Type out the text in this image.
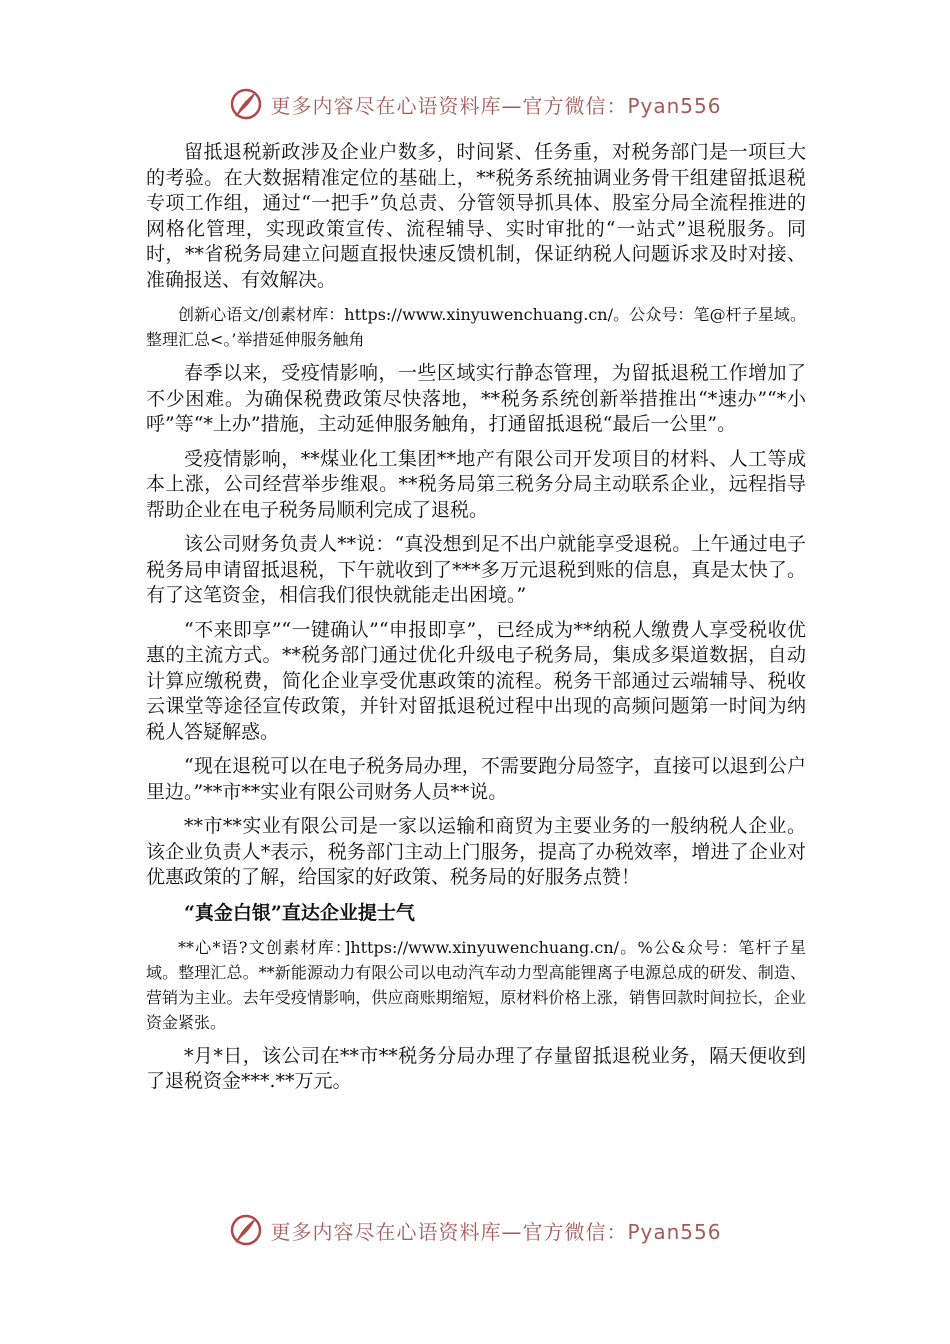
更多内容尽在心语资料库—官方微信：Pyan556

留抵退税新政涉及企业户数多，时间紧、任务重，对税务部门是一项巨大的考验。在大数据精准定位的基础上，**税务系统抽调业务骨干组建留抵退税专项工作组，通过“一把手”负总责、分管领导抓具体、股室分局全流程推进的网格化管理，实现政策宣传、流程辅导、实时审批的“一站式”退税服务。同时，**省税务局建立问题直报快速反馈机制，保证纳税人问题诉求及时对接、准确报送、有效解决。

创新心语文/创素材库：https://www.xinyuwenchuang.cn/。公众号：笔@杆子星域。整理汇总<。’举措延伸服务触角

春季以来，受疫情影响，一些区域实行静态管理，为留抵退税工作增加了不少困难。为确保税费政策尽快落地，**税务系统创新举措推出“*速办”“*小呼”等“*上办”措施，主动延伸服务触角，打通留抵退税“最后一公里”。

受疫情影响，**煤业化工集团**地产有限公司开发项目的材料、人工等成本上涨，公司经营举步维艰。**税务局第三税务分局主动联系企业，远程指导帮助企业在电子税务局顺利完成了退税。

该公司财务负责人**说：“真没想到足不出户就能享受退税。上午通过电子税务局申请留抵退税，下午就收到了***多万元退税到账的信息，真是太快了。有了这笔资金，相信我们很快就能走出困境。”

“不来即享”“一键确认”“申报即享”，已经成为**纳税人缴费人享受税收优惠的主流方式。**税务部门通过优化升级电子税务局，集成多渠道数据，自动计算应缴税费，简化企业享受优惠政策的流程。税务干部通过云端辅导、税收云课堂等途径宣传政策，并针对留抵退税过程中出现的高频问题第一时间为纳税人答疑解惑。

“现在退税可以在电子税务局办理，不需要跑分局签字，直接可以退到公户里边。”**市**实业有限公司财务人员**说。

**市**实业有限公司是一家以运输和商贸为主要业务的一般纳税人企业。该企业负责人*表示，税务部门主动上门服务，提高了办税效率，增进了企业对优惠政策的了解，给国家的好政策、税务局的好服务点赞！

“真金白银”直达企业提士气

**心*语?文创素材库：]https://www.xinyuwenchuang.cn/。%公&众号：笔杆子星域。整理汇总。**新能源动力有限公司以电动汽车动力型高能锂离子电源总成的研发、制造、营销为主业。去年受疫情影响，供应商账期缩短，原材料价格上涨，销售回款时间拉长，企业资金紧张。

*月*日，该公司在**市**税务分局办理了存量留抵退税业务，隔天便收到了退税资金***.**万元。

更多内容尽在心语资料库—官方微信：Pyan556
